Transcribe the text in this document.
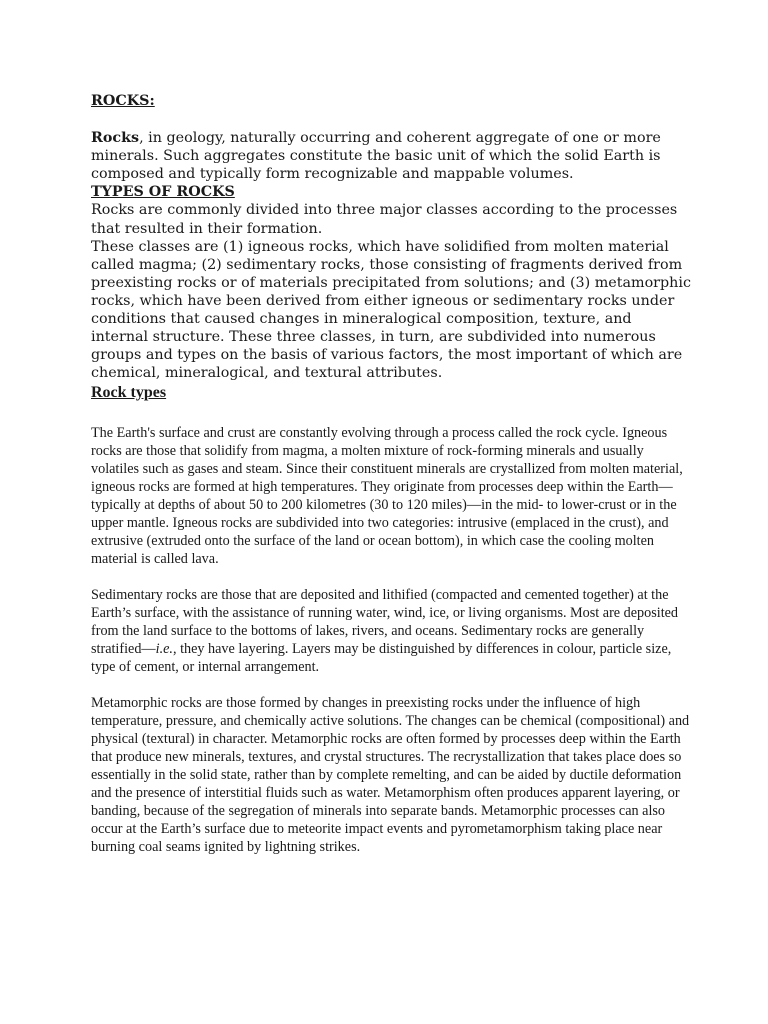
ROCKS:

Rocks, in geology, naturally occurring and coherent aggregate of one or more minerals. Such aggregates constitute the basic unit of which the solid Earth is composed and typically form recognizable and mappable volumes.

TYPES OF ROCKS

Rocks are commonly divided into three major classes according to the processes that resulted in their formation.

These classes are (1) igneous rocks, which have solidified from molten material called magma; (2) sedimentary rocks, those consisting of fragments derived from preexisting rocks or of materials precipitated from solutions; and (3) metamorphic rocks, which have been derived from either igneous or sedimentary rocks under conditions that caused changes in mineralogical composition, texture, and internal structure. These three classes, in turn, are subdivided into numerous groups and types on the basis of various factors, the most important of which are chemical, mineralogical, and textural attributes.

Rock types

The Earth's surface and crust are constantly evolving through a process called the rock cycle. Igneous rocks are those that solidify from magma, a molten mixture of rock-forming minerals and usually volatiles such as gases and steam. Since their constituent minerals are crystallized from molten material, igneous rocks are formed at high temperatures. They originate from processes deep within the Earth—typically at depths of about 50 to 200 kilometres (30 to 120 miles)—in the mid- to lower-crust or in the upper mantle. Igneous rocks are subdivided into two categories: intrusive (emplaced in the crust), and extrusive (extruded onto the surface of the land or ocean bottom), in which case the cooling molten material is called lava.

Sedimentary rocks are those that are deposited and lithified (compacted and cemented together) at the Earth’s surface, with the assistance of running water, wind, ice, or living organisms. Most are deposited from the land surface to the bottoms of lakes, rivers, and oceans. Sedimentary rocks are generally stratified—i.e., they have layering. Layers may be distinguished by differences in colour, particle size, type of cement, or internal arrangement.

Metamorphic rocks are those formed by changes in preexisting rocks under the influence of high temperature, pressure, and chemically active solutions. The changes can be chemical (compositional) and physical (textural) in character. Metamorphic rocks are often formed by processes deep within the Earth that produce new minerals, textures, and crystal structures. The recrystallization that takes place does so essentially in the solid state, rather than by complete remelting, and can be aided by ductile deformation and the presence of interstitial fluids such as water. Metamorphism often produces apparent layering, or banding, because of the segregation of minerals into separate bands. Metamorphic processes can also occur at the Earth’s surface due to meteorite impact events and pyrometamorphism taking place near burning coal seams ignited by lightning strikes.
